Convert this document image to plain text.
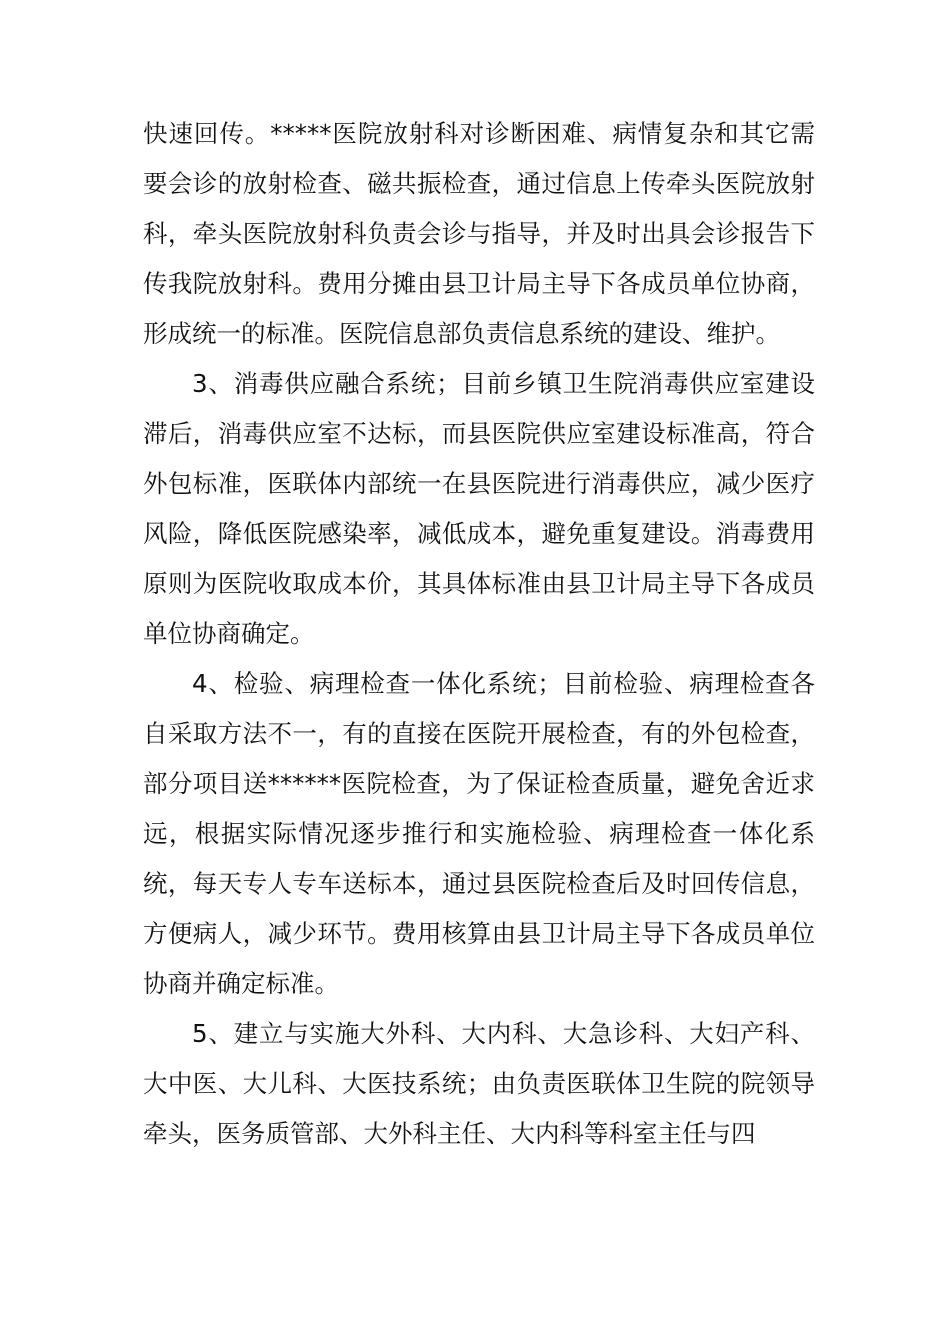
快速回传。*****医院放射科对诊断困难、病情复杂和其它需要会诊的放射检查、磁共振检查，通过信息上传牵头医院放射科，牵头医院放射科负责会诊与指导，并及时出具会诊报告下传我院放射科。费用分摊由县卫计局主导下各成员单位协商，形成统一的标准。医院信息部负责信息系统的建设、维护。

3、消毒供应融合系统；目前乡镇卫生院消毒供应室建设滞后，消毒供应室不达标，而县医院供应室建设标准高，符合外包标准，医联体内部统一在县医院进行消毒供应，减少医疗风险，降低医院感染率，减低成本，避免重复建设。消毒费用原则为医院收取成本价，其具体标准由县卫计局主导下各成员单位协商确定。

4、检验、病理检查一体化系统；目前检验、病理检查各自采取方法不一，有的直接在医院开展检查，有的外包检查，部分项目送******医院检查，为了保证检查质量，避免舍近求远，根据实际情况逐步推行和实施检验、病理检查一体化系统，每天专人专车送标本，通过县医院检查后及时回传信息，方便病人，减少环节。费用核算由县卫计局主导下各成员单位协商并确定标准。

5、建立与实施大外科、大内科、大急诊科、大妇产科、大中医、大儿科、大医技系统；由负责医联体卫生院的院领导牵头，医务质管部、大外科主任、大内科等科室主任与四
